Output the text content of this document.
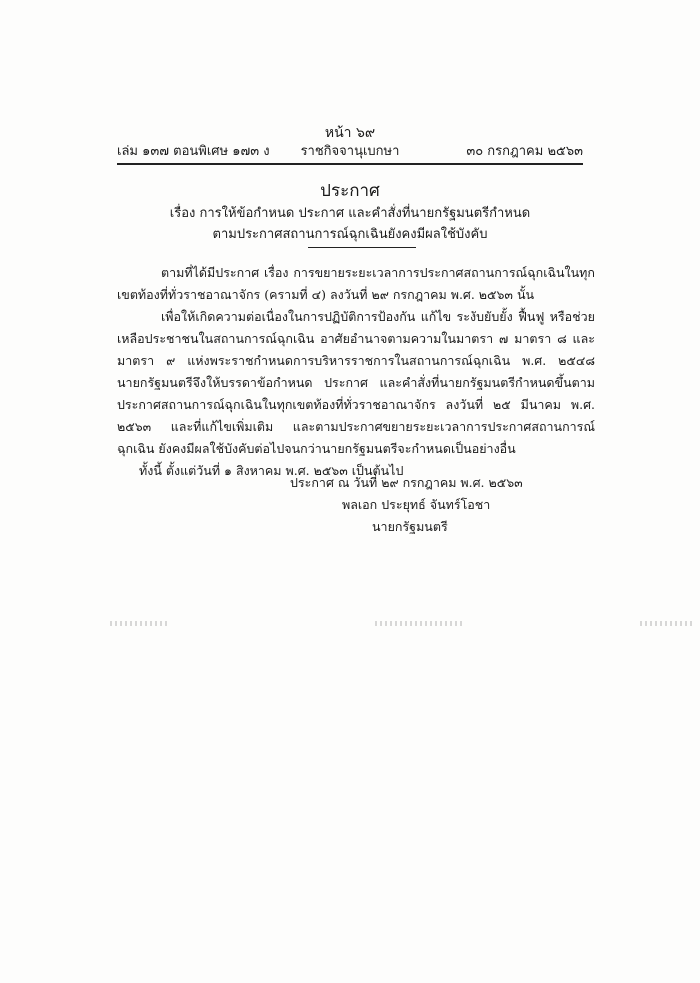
หน้า ๖๙
เล่ม ๑๓๗ ตอนพิเศษ ๑๗๓ ง	ราชกิจจานุเบกษา	๓๐ กรกฎาคม ๒๕๖๓
ประกาศ
เรื่อง การให้ข้อกำหนด ประกาศ และคำสั่งที่นายกรัฐมนตรีกำหนด
ตามประกาศสถานการณ์ฉุกเฉินยังคงมีผลใช้บังคับ

ตามที่ได้มีประกาศ เรื่อง การขยายระยะเวลาการประกาศสถานการณ์ฉุกเฉินในทุกเขตท้องที่ทั่วราชอาณาจักร (ครามที่ ๔) ลงวันที่ ๒๙ กรกฎาคม พ.ศ. ๒๕๖๓ นั้น

เพื่อให้เกิดความต่อเนื่องในการปฏิบัติการป้องกัน แก้ไข ระงับยับยั้ง ฟื้นฟู หรือช่วยเหลือประชาชนในสถานการณ์ฉุกเฉิน อาศัยอำนาจตามความในมาตรา ๗ มาตรา ๘ และมาตรา ๙ แห่งพระราชกำหนดการบริหารราชการในสถานการณ์ฉุกเฉิน พ.ศ. ๒๕๔๘ นายกรัฐมนตรีจึงให้บรรดาข้อกำหนด ประกาศ และคำสั่งที่นายกรัฐมนตรีกำหนดขึ้นตามประกาศสถานการณ์ฉุกเฉินในทุกเขตท้องที่ทั่วราชอาณาจักร ลงวันที่ ๒๕ มีนาคม พ.ศ. ๒๕๖๓ และที่แก้ไขเพิ่มเติม และตามประกาศขยายระยะเวลาการประกาศสถานการณ์ฉุกเฉิน ยังคงมีผลใช้บังคับต่อไปจนกว่านายกรัฐมนตรีจะกำหนดเป็นอย่างอื่น

ทั้งนี้ ตั้งแต่วันที่ ๑ สิงหาคม พ.ศ. ๒๕๖๓ เป็นต้นไป

ประกาศ ณ วันที่ ๒๙ กรกฎาคม พ.ศ. ๒๕๖๓
พลเอก ประยุทธ์ จันทร์โอชา
นายกรัฐมนตรี
